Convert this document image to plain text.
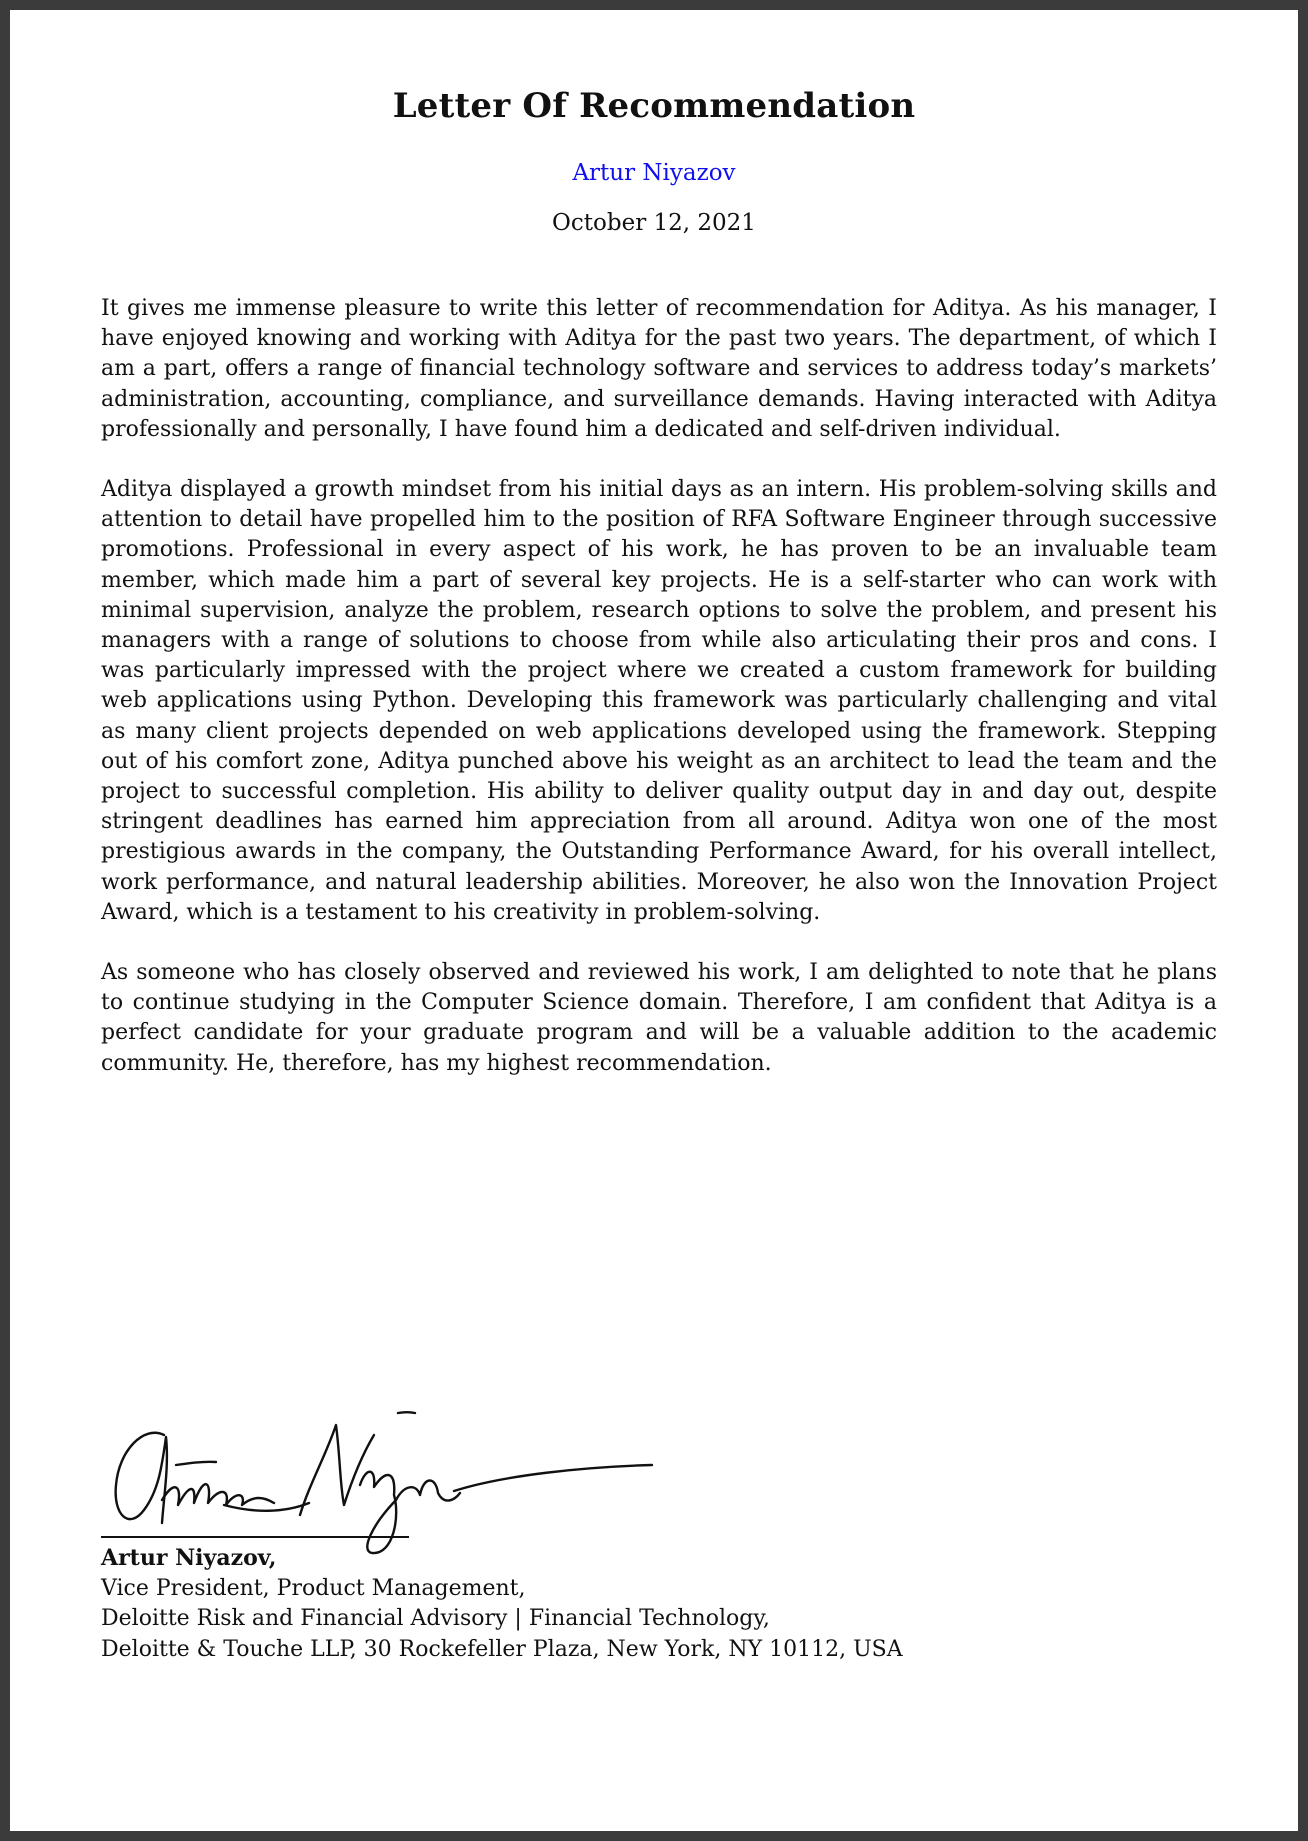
Letter Of Recommendation
Artur Niyazov
October 12, 2021

It gives me immense pleasure to write this letter of recommendation for Aditya. As his manager, I have enjoyed knowing and working with Aditya for the past two years. The department, of which I am a part, offers a range of financial technology software and services to address today’s markets’ administration, accounting, compliance, and surveillance demands. Having interacted with Aditya professionally and personally, I have found him a dedicated and self-driven individual.

Aditya displayed a growth mindset from his initial days as an intern. His problem-solving skills and attention to detail have propelled him to the position of RFA Software Engineer through successive promotions. Professional in every aspect of his work, he has proven to be an invaluable team member, which made him a part of several key projects. He is a self-starter who can work with minimal supervision, analyze the problem, research options to solve the problem, and present his managers with a range of solutions to choose from while also articulating their pros and cons. I was particularly impressed with the project where we created a custom framework for building web applications using Python. Developing this framework was particularly challenging and vital as many client projects depended on web applications developed using the framework. Stepping out of his comfort zone, Aditya punched above his weight as an architect to lead the team and the project to successful completion. His ability to deliver quality output day in and day out, despite stringent deadlines has earned him appreciation from all around. Aditya won one of the most prestigious awards in the company, the Outstanding Performance Award, for his overall intellect, work performance, and natural leadership abilities. Moreover, he also won the Innovation Project Award, which is a testament to his creativity in problem-solving.

As someone who has closely observed and reviewed his work, I am delighted to note that he plans to continue studying in the Computer Science domain. Therefore, I am confident that Aditya is a perfect candidate for your graduate program and will be a valuable addition to the academic community. He, therefore, has my highest recommendation.

Artur Niyazov,
Vice President, Product Management,
Deloitte Risk and Financial Advisory | Financial Technology,
Deloitte & Touche LLP, 30 Rockefeller Plaza, New York, NY 10112, USA
